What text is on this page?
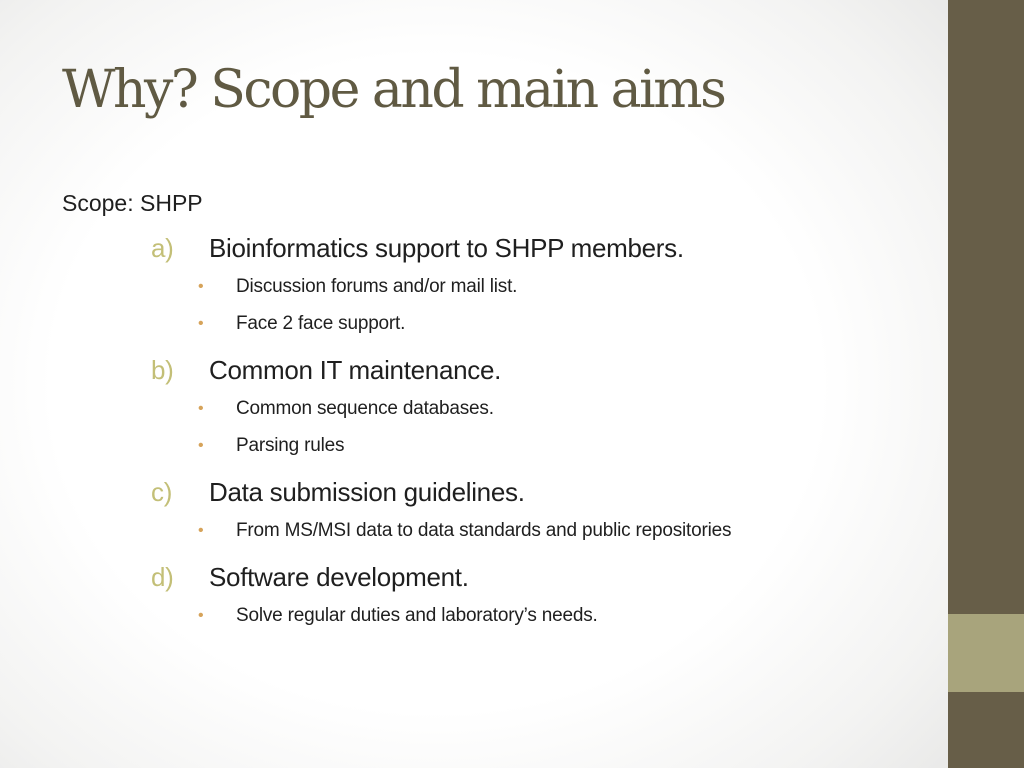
Why? Scope and main aims

Scope: SHPP

a) Bioinformatics support to SHPP members.
• Discussion forums and/or mail list.
• Face 2 face support.
b) Common IT maintenance.
• Common sequence databases.
• Parsing rules
c) Data submission guidelines.
• From MS/MSI data to data standards and public repositories
d) Software development.
• Solve regular duties and laboratory’s needs.
